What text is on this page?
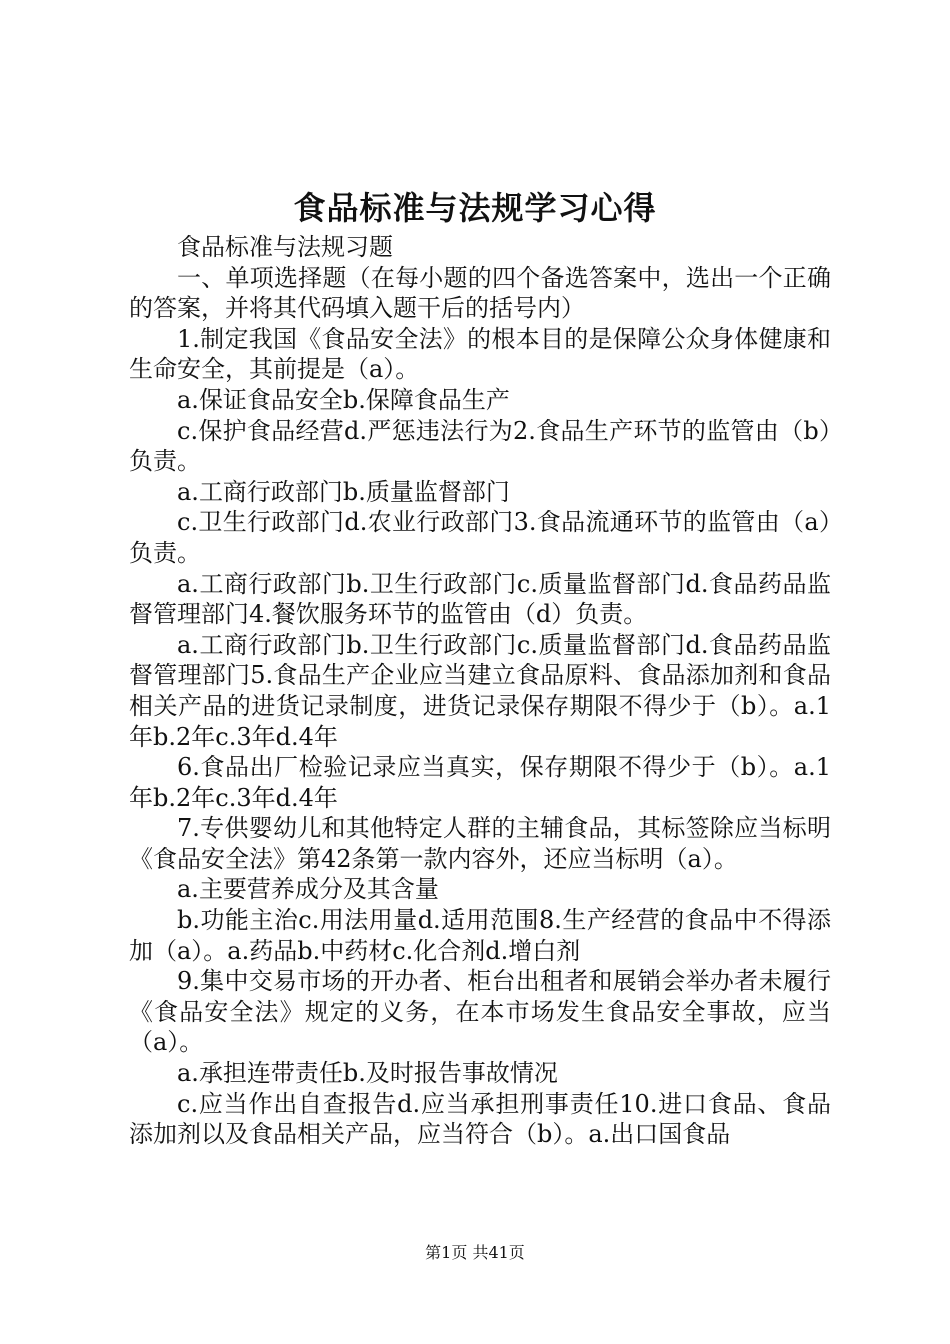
食品标准与法规学习心得

食品标准与法规习题

一、单项选择题（在每小题的四个备选答案中，选出一个正确的答案，并将其代码填入题干后的括号内）

1.制定我国《食品安全法》的根本目的是保障公众身体健康和生命安全，其前提是（a）。

a.保证食品安全b.保障食品生产

c.保护食品经营d.严惩违法行为2.食品生产环节的监管由（b）负责。

a.工商行政部门b.质量监督部门

c.卫生行政部门d.农业行政部门3.食品流通环节的监管由（a）负责。

a.工商行政部门b.卫生行政部门c.质量监督部门d.食品药品监督管理部门4.餐饮服务环节的监管由（d）负责。

a.工商行政部门b.卫生行政部门c.质量监督部门d.食品药品监督管理部门5.食品生产企业应当建立食品原料、食品添加剂和食品相关产品的进货记录制度，进货记录保存期限不得少于（b）。a.1年b.2年c.3年d.4年

6.食品出厂检验记录应当真实，保存期限不得少于（b）。a.1年b.2年c.3年d.4年

7.专供婴幼儿和其他特定人群的主辅食品，其标签除应当标明《食品安全法》第42条第一款内容外，还应当标明（a）。

a.主要营养成分及其含量

b.功能主治c.用法用量d.适用范围8.生产经营的食品中不得添加（a）。a.药品b.中药材c.化合剂d.增白剂

9.集中交易市场的开办者、柜台出租者和展销会举办者未履行《食品安全法》规定的义务，在本市场发生食品安全事故，应当（a）。

a.承担连带责任b.及时报告事故情况

c.应当作出自查报告d.应当承担刑事责任10.进口食品、食品添加剂以及食品相关产品，应当符合（b）。a.出口国食品

第1页 共41页
